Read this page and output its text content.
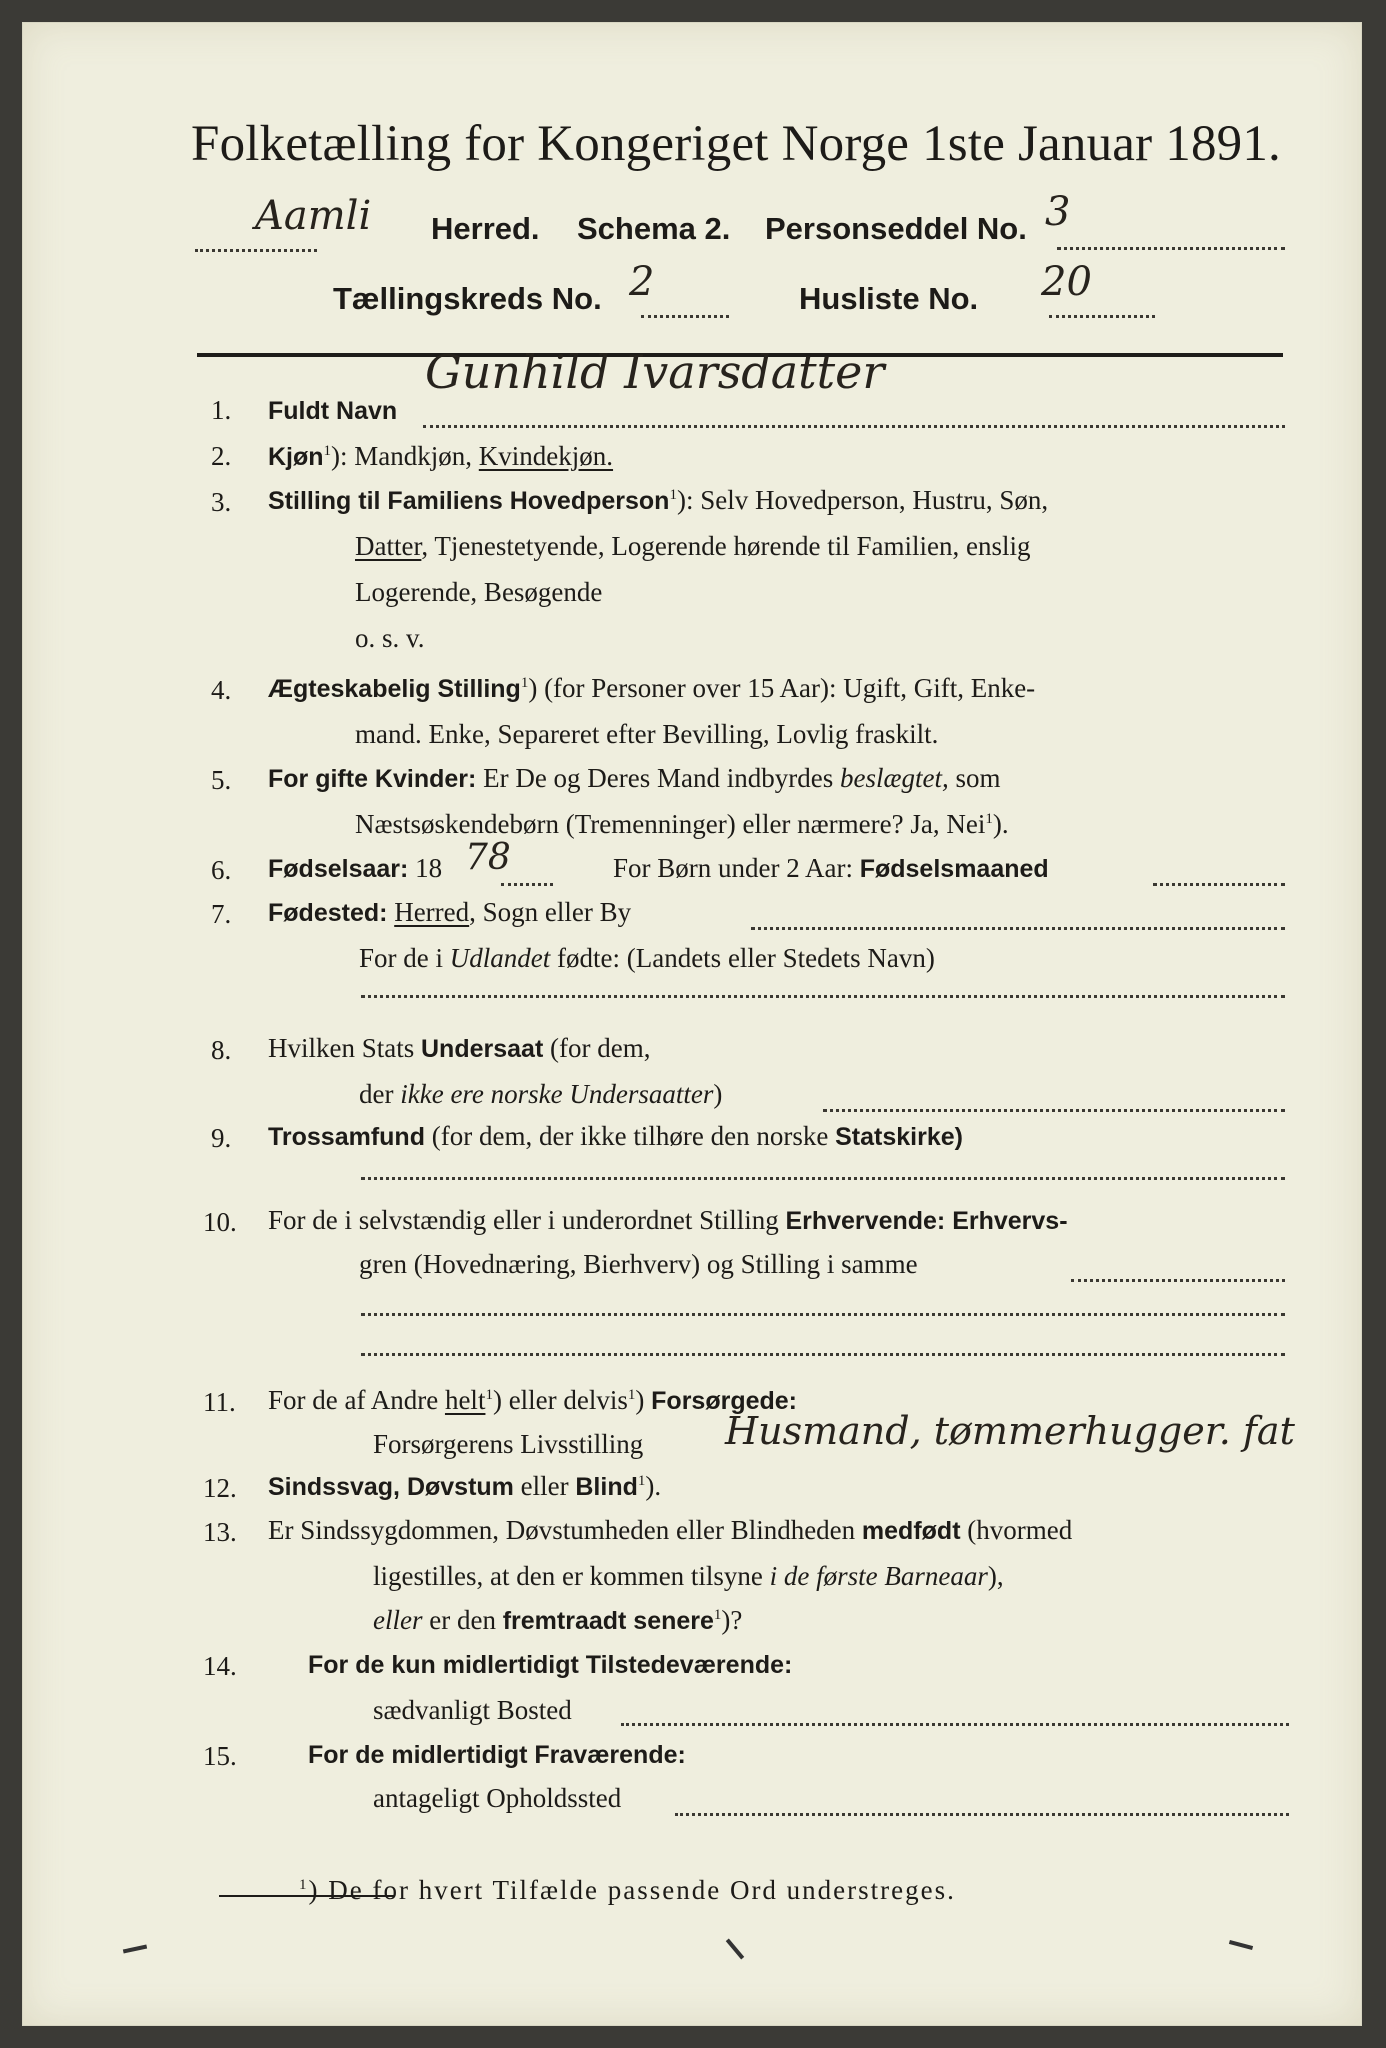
Folketælling for Kongeriget Norge 1ste Januar 1891.
Aamli Herred. Schema 2. Personseddel No. 3
Tællingskreds No. 2	Husliste No. 20
Gunhild Ivarsdatter
1. Fuldt Navn
2. Kjøn$^1$): Mandkjøn, Kvindekjøn.
3. Stilling til Familiens Hovedperson$^1$): Selv Hovedperson, Hustru, Søn,
Datter, Tjenestetyende, Logerende hørende til Familien, enslig
Logerende, Besøgende
o. s. v.
4. Ægteskabelig Stilling$^1$) (for Personer over 15 Aar): Ugift, Gift, Enke-
mand. Enke, Separeret efter Bevilling, Lovlig fraskilt.
5. For gifte Kvinder: Er De og Deres Mand indbyrdes beslægtet, som
Næstsøskendebørn (Tremenninger) eller nærmere? Ja, Nei$^1$).
6. Fødselsaar: 18 78	For Børn under 2 Aar: Fødselsmaaned
7. Fødested: Herred, Sogn eller By
For de i Udlandet fødte: (Landets eller Stedets Navn)
8. Hvilken Stats Undersaat (for dem,
der ikke ere norske Undersaatter)
9. Trossamfund (for dem, der ikke tilhøre den norske Statskirke)
10. For de i selvstændig eller i underordnet Stilling Erhvervende: Erhvervs-
gren (Hovednæring, Bierhverv) og Stilling i samme
11. For de af Andre helt$^1$) eller delvis$^1$) Forsørgede:
Forsørgerens Livsstilling Husmand, tømmerhugger. fat
12. Sindssvag, Døvstum eller Blind$^1$).
13. Er Sindssygdommen, Døvstumheden eller Blindheden medfødt (hvormed
ligestilles, at den er kommen tilsyne i de første Barneaar),
eller er den fremtraadt senere$^1$)?
14.	For de kun midlertidigt Tilstedeværende:
sædvanligt Bosted
15.	For de midlertidigt Fraværende:
antageligt Opholdssted
$^1$) De for hvert Tilfælde passende Ord understreges.
